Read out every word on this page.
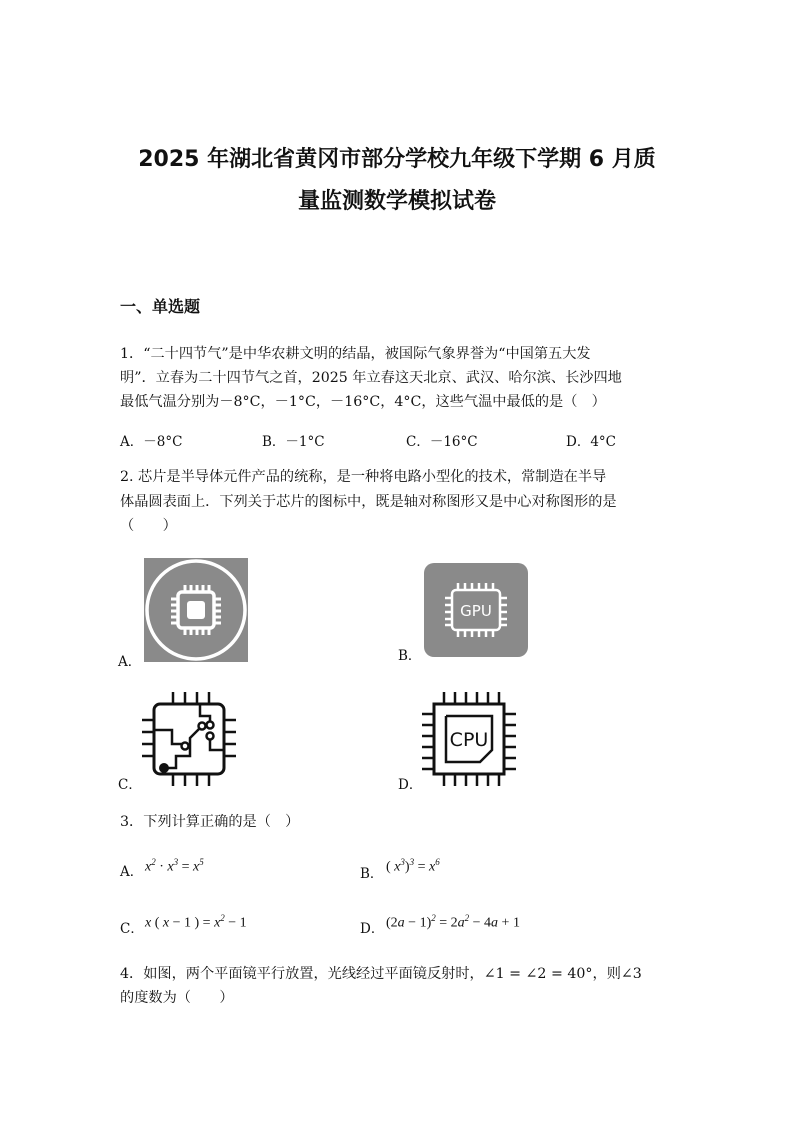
2025 年湖北省黄冈市部分学校九年级下学期 6 月质
量监测数学模拟试卷
一、单选题
1．“二十四节气”是中华农耕文明的结晶，被国际气象界誉为“中国第五大发
明”．立春为二十四节气之首，2025 年立春这天北京、武汉、哈尔滨、长沙四地
最低气温分别为－8°C，－1°C，－16°C，4°C，这些气温中最低的是（　）
A．－8°C	B．－1°C	C．－16°C	D．4°C
2. 芯片是半导体元件产品的统称，是一种将电路小型化的技术，常制造在半导
体晶圆表面上．下列关于芯片的图标中，既是轴对称图形又是中心对称图形的是
（　　）
A．	B．
GPU
C．	D．
CPU
3．下列计算正确的是（　）
A． $x^2 \cdot x^3 = x^5$
B． ( $x^3)^3 = x^6$
C． x ( x − 1 ) = $x^2 - 1$	D． $(2a - 1)^2 = 2a^2 - 4a + 1$
4．如图，两个平面镜平行放置，光线经过平面镜反射时，∠1 = ∠2 = 40°，则∠3
的度数为（　　）
